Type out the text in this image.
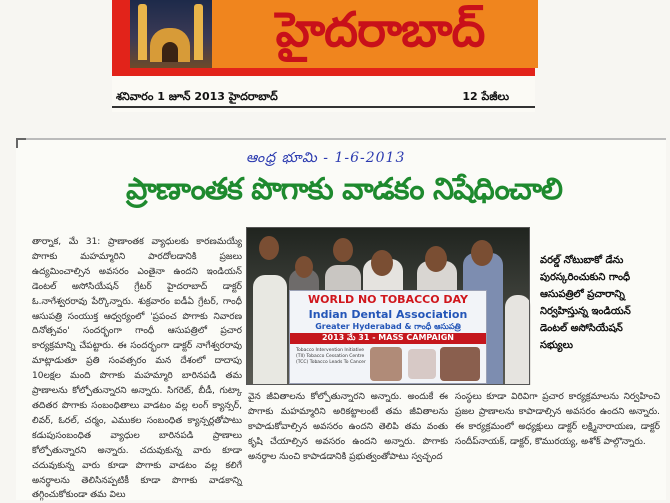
హైదరాబాద్
శనివారం 1 జూన్ 2013 హైదరాబాద్	12 పేజీలు
ఆంధ్ర భూమి - 1-6-2013
ప్రాణాంతక పొగాకు వాడకం నిషేధించాలి
తార్నాక, మే 31: ప్రాణాంతక వ్యాధులకు కారణమయ్యే పొగాకు మహమ్మారిని పారదోలడానికి ప్రజలు ఉద్యమించాల్సిన అవసరం ఎంతైనా ఉందని ఇండియన్ డెంటల్ అసోసియేషన్ గ్రేటర్ హైదరాబాద్ డాక్టర్ ఓ.నాగేశ్వరరావు పేర్కొన్నారు. శుక్రవారం ఐడీఏ గ్రేటర్, గాంధీ ఆసుపత్రి సంయుక్త ఆధ్వర్యంలో 'ప్రపంచ పొగాకు నివారణ దినోత్సవం' సందర్భంగా గాంధీ ఆసుపత్రిలో ప్రచార కార్యక్రమాన్ని చేపట్టారు. ఈ సందర్భంగా డాక్టర్ నాగేశ్వరరావు మాట్లాడుతూ ప్రతి సంవత్సరం మన దేశంలో దాదాపు 10లక్షల మంది పొగాకు మహమ్మారి బారినపడి తమ ప్రాణాలను కోల్పోతున్నారని అన్నారు. సిగరెట్, బీడీ, గుట్కా తదితర పొగాకు సంబంధితాలు వాడటం వల్ల లంగ్ క్యాన్సర్, లివర్, ఓరల్, చర్మం, ఎముకల సంబంధిత క్యాన్సర్లతోపాటు కడుపుసంబంధిత వ్యాధుల బారినపడి ప్రాణాలు కోల్పోతున్నారని అన్నారు. చదువుకున్న వారు కూడా చదువుకున్న వారు కూడా పొగాకు వాడటం వల్ల కలిగే అనర్థాలను తెలిసినప్పటికీ కూడా పొగాకు వాడకాన్ని తగ్గించుకోకుండా తమ విలు
WORLD NO TOBACCO DAY
Indian Dental Association
Greater Hyderabad & గాంధీ ఆసుపత్రి
2013 మే 31 - MASS CAMPAIGN
Tobacco Intervention Initiative (TII) Tobacco Cessation Centre (TCC) Tobacco Leads To Cancer
వరల్డ్ నోటుబాకో డేను పురస్కరించుకుని గాంధీ ఆసుపత్రిలో ప్రచారాన్ని నిర్వహిస్తున్న ఇండియన్ డెంటల్ అసోసియేషన్ సభ్యులు
వైన జీవితాలను కోల్పోతున్నారని అన్నారు. అందుకే ఈ పొగాకు మహమ్మారిని అరికట్టాలంటే తమ జీవితాలను కాపాడుకోవాల్సిన అవసరం ఉందని తెలిపి తమ వంతు కృషి చేయాల్సిన అవసరం ఉందని అన్నారు. పొగాకు అనర్థాల నుంచి కాపాడడానికి ప్రభుత్వంతోపాటు స్వచ్ఛంద
సంస్థలు కూడా విరివిగా ప్రచార కార్యక్రమాలను నిర్వహించి ప్రజల ప్రాణాలను కాపాడాల్సిన అవసరం ఉందని అన్నారు. ఈ కార్యక్రమంలో అధ్యక్షులు డాక్టర్ లక్ష్మినారాయణ, డాక్టర్ సందీప్‌నాయక్, డాక్టర్, కొమురయ్య, అశోక్ పాల్గొన్నారు.
